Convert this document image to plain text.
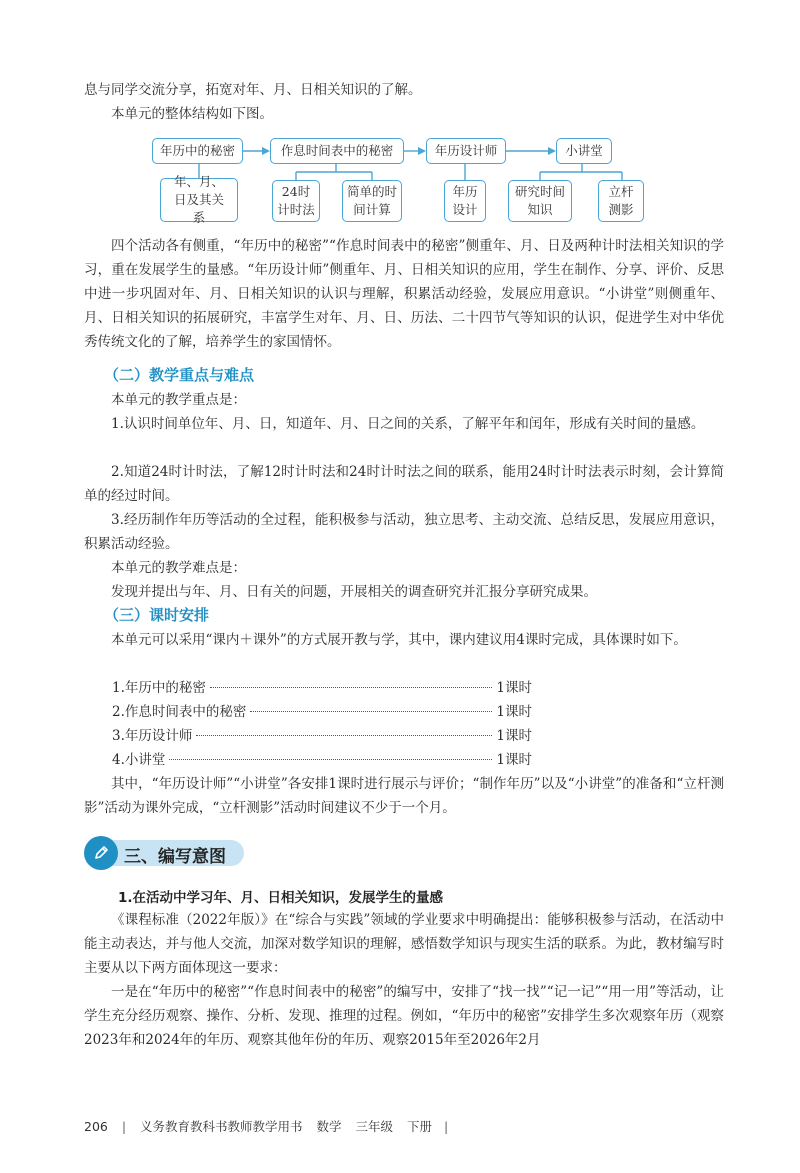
息与同学交流分享，拓宽对年、月、日相关知识的了解。

本单元的整体结构如下图。

年历中的秘密	作息时间表中的秘密	年历设计师	小讲堂
年、月、日及其关系
24时计时法
简单的时间计算
年历设计
研究时间知识
立杆测影

四个活动各有侧重，“年历中的秘密”“作息时间表中的秘密”侧重年、月、日及两种计时法相关知识的学习，重在发展学生的量感。“年历设计师”侧重年、月、日相关知识的应用，学生在制作、分享、评价、反思中进一步巩固对年、月、日相关知识的认识与理解，积累活动经验，发展应用意识。“小讲堂”则侧重年、月、日相关知识的拓展研究，丰富学生对年、月、日、历法、二十四节气等知识的认识，促进学生对中华优秀传统文化的了解，培养学生的家国情怀。

（二）教学重点与难点

本单元的教学重点是：

1.认识时间单位年、月、日，知道年、月、日之间的关系，了解平年和闰年，形成有关时间的量感。

2.知道24时计时法，了解12时计时法和24时计时法之间的联系，能用24时计时法表示时刻，会计算简单的经过时间。

3.经历制作年历等活动的全过程，能积极参与活动，独立思考、主动交流、总结反思，发展应用意识，积累活动经验。

本单元的教学难点是：

发现并提出与年、月、日有关的问题，开展相关的调查研究并汇报分享研究成果。

（三）课时安排

本单元可以采用“课内＋课外”的方式展开教与学，其中，课内建议用4课时完成，具体课时如下。

1.年历中的秘密	1课时
2.作息时间表中的秘密	1课时
3.年历设计师	1课时
4.小讲堂	1课时

其中，“年历设计师”“小讲堂”各安排1课时进行展示与评价；“制作年历”以及“小讲堂”的准备和“立杆测影”活动为课外完成，“立杆测影”活动时间建议不少于一个月。

三、编写意图
1.在活动中学习年、月、日相关知识，发展学生的量感

《课程标准（2022年版）》在“综合与实践”领域的学业要求中明确提出：能够积极参与活动，在活动中能主动表达，并与他人交流，加深对数学知识的理解，感悟数学知识与现实生活的联系。为此，教材编写时主要从以下两方面体现这一要求：

一是在“年历中的秘密”“作息时间表中的秘密”的编写中，安排了“找一找”“记一记”“用一用”等活动，让学生充分经历观察、操作、分析、发现、推理的过程。例如，“年历中的秘密”安排学生多次观察年历（观察2023年和2024年的年历、观察其他年份的年历、观察2015年至2026年2月

206 | 义务教育教科书教师教学用书 数学 三年级 下册 |
